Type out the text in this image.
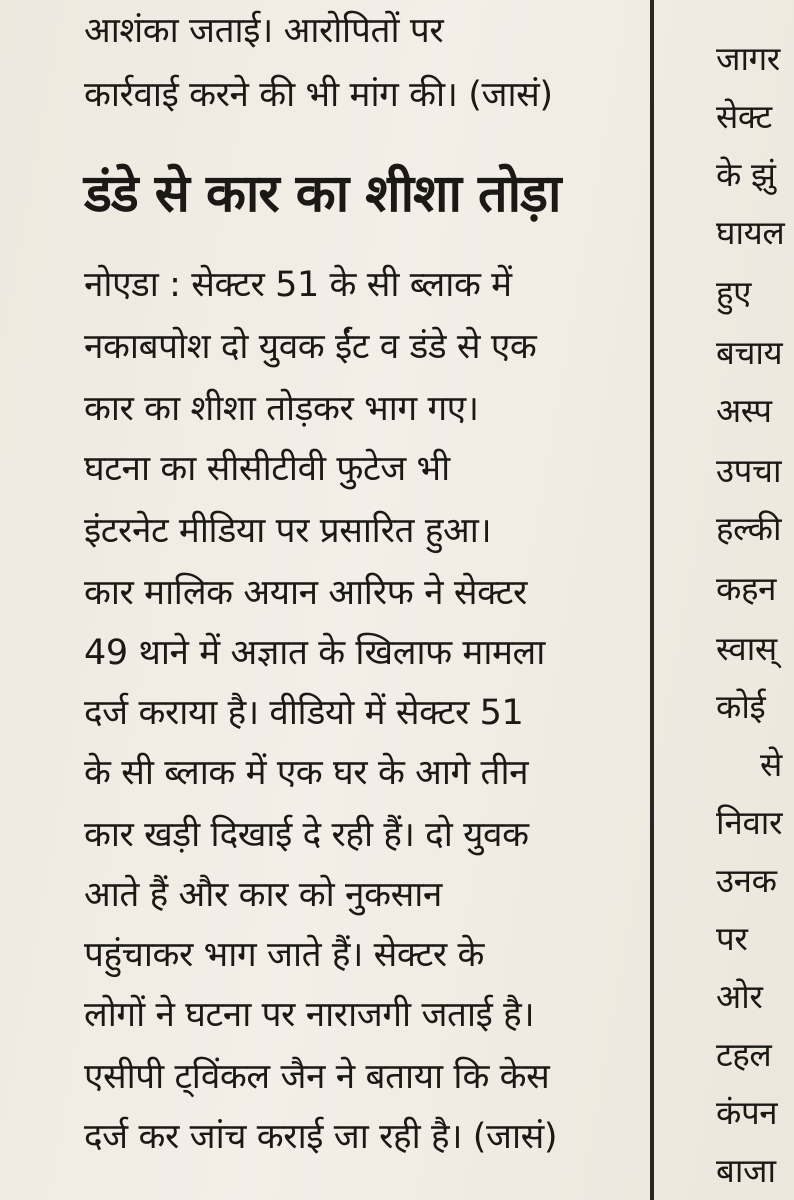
आशंका जताई। आरोपितों पर
कार्रवाई करने की भी मांग की। (जासं)
डंडे से कार का शीशा तोड़ा
नोएडा : सेक्टर 51 के सी ब्लाक में
नकाबपोश दो युवक ईंट व डंडे से एक
कार का शीशा तोड़कर भाग गए।
घटना का सीसीटीवी फुटेज भी
इंटरनेट मीडिया पर प्रसारित हुआ।
कार मालिक अयान आरिफ ने सेक्टर
49 थाने में अज्ञात के खिलाफ मामला
दर्ज कराया है। वीडियो में सेक्टर 51
के सी ब्लाक में एक घर के आगे तीन
कार खड़ी दिखाई दे रही हैं। दो युवक
आते हैं और कार को नुकसान
पहुंचाकर भाग जाते हैं। सेक्टर के
लोगों ने घटना पर नाराजगी जताई है।
एसीपी ट्विंकल जैन ने बताया कि केस
दर्ज कर जांच कराई जा रही है। (जासं)
जागर
सेक्ट
के झुं
घायल
हुए
बचाय
अस्प
उपचा
हल्की
कहन
स्वास्
कोई
से
निवार
उनक
पर
ओर
टहल
कंपन
बाजा
